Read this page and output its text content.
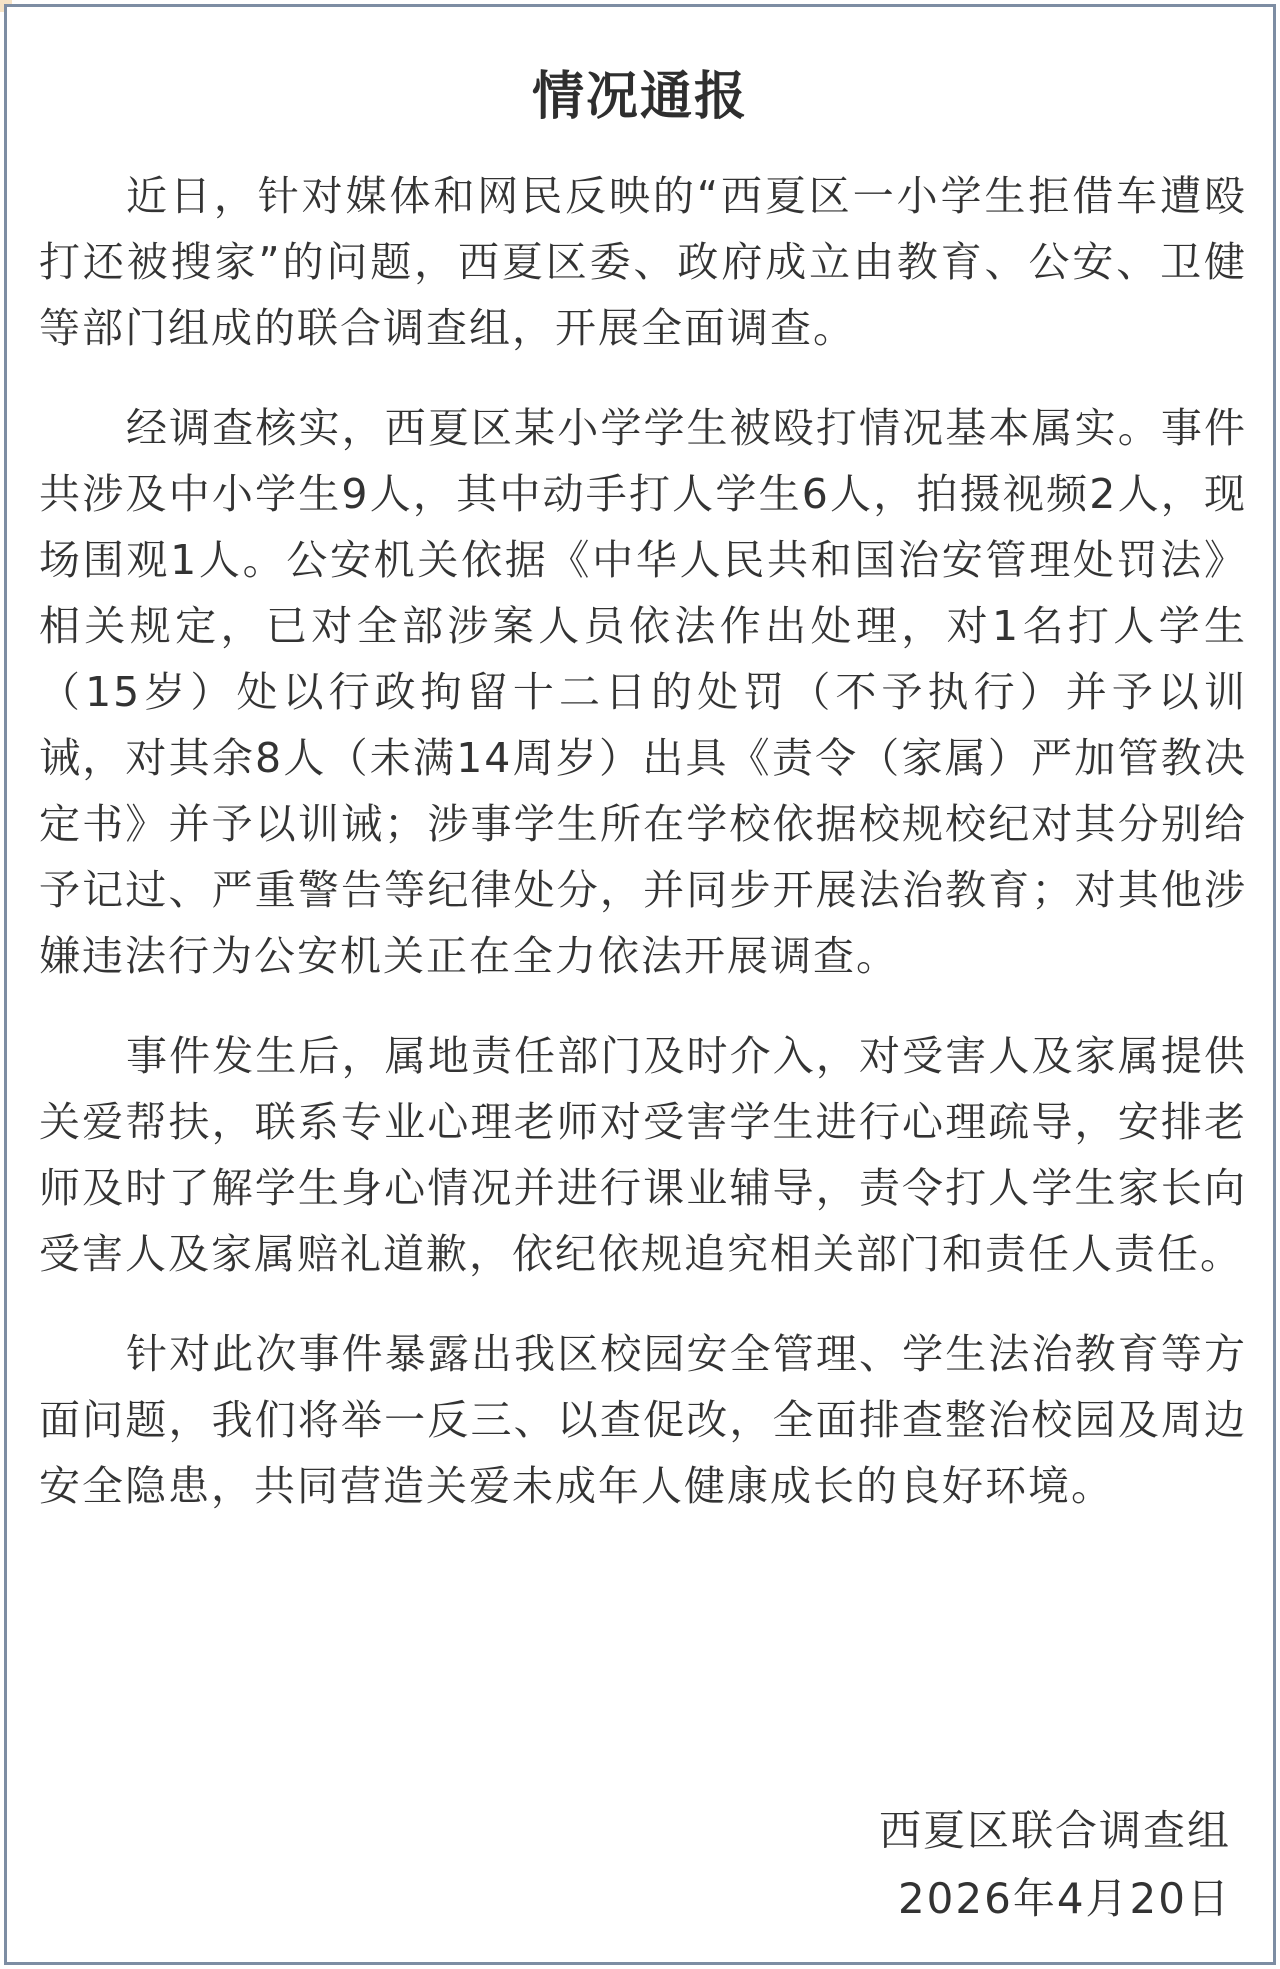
情况通报

近日，针对媒体和网民反映的“西夏区一小学生拒借车遭殴打还被搜家”的问题，西夏区委、政府成立由教育、公安、卫健等部门组成的联合调查组，开展全面调查。

经调查核实，西夏区某小学学生被殴打情况基本属实。事件共涉及中小学生9人，其中动手打人学生6人，拍摄视频2人，现场围观1人。公安机关依据《中华人民共和国治安管理处罚法》相关规定，已对全部涉案人员依法作出处理，对1名打人学生（15岁）处以行政拘留十二日的处罚（不予执行）并予以训诫，对其余8人（未满14周岁）出具《责令（家属）严加管教决定书》并予以训诫；涉事学生所在学校依据校规校纪对其分别给予记过、严重警告等纪律处分，并同步开展法治教育；对其他涉嫌违法行为公安机关正在全力依法开展调查。

事件发生后，属地责任部门及时介入，对受害人及家属提供关爱帮扶，联系专业心理老师对受害学生进行心理疏导，安排老师及时了解学生身心情况并进行课业辅导，责令打人学生家长向受害人及家属赔礼道歉，依纪依规追究相关部门和责任人责任。

针对此次事件暴露出我区校园安全管理、学生法治教育等方面问题，我们将举一反三、以查促改，全面排查整治校园及周边安全隐患，共同营造关爱未成年人健康成长的良好环境。

西夏区联合调查组
2026年4月20日
